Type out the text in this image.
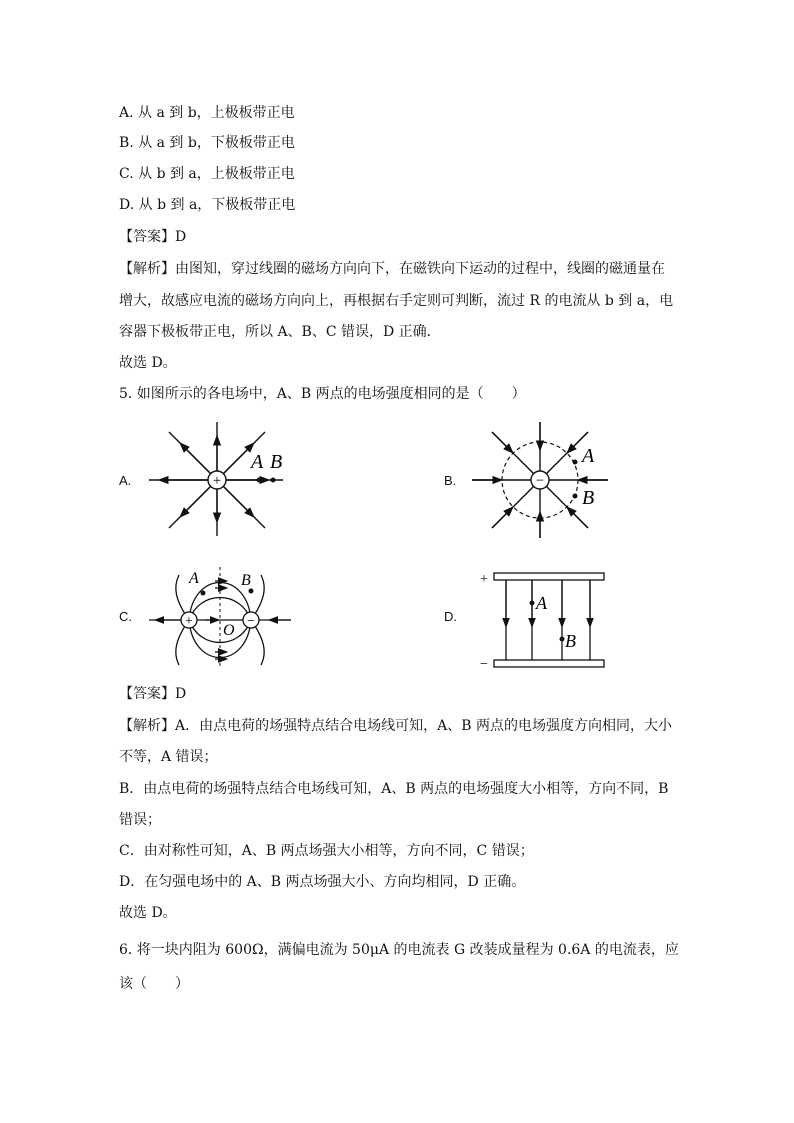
A. 从 a 到 b，上极板带正电
B. 从 a 到 b，下极板带正电
C. 从 b 到 a，上极板带正电
D. 从 b 到 a，下极板带正电
【答案】D
【解析】由图知，穿过线圈的磁场方向向下，在磁铁向下运动的过程中，线圈的磁通量在
增大，故感应电流的磁场方向向上，再根据右手定则可判断，流过 R 的电流从 b 到 a，电
容器下极板带正电，所以 A、B、C 错误，D 正确．
故选 D。
5. 如图所示的各电场中，A、B 两点的电场强度相同的是（　　）
A.	+
A B
B.	−
A
B
C.	+	−
A	B
O
D.
+
−
A
B
【答案】D
【解析】A．由点电荷的场强特点结合电场线可知，A、B 两点的电场强度方向相同，大小
不等，A 错误；
B．由点电荷的场强特点结合电场线可知，A、B 两点的电场强度大小相等，方向不同，B
错误；
C．由对称性可知，A、B 两点场强大小相等，方向不同，C 错误；
D．在匀强电场中的 A、B 两点场强大小、方向均相同，D 正确。
故选 D。
6. 将一块内阻为 600Ω，满偏电流为 50μA 的电流表 G 改装成量程为 0.6A 的电流表，应
该（　　）
